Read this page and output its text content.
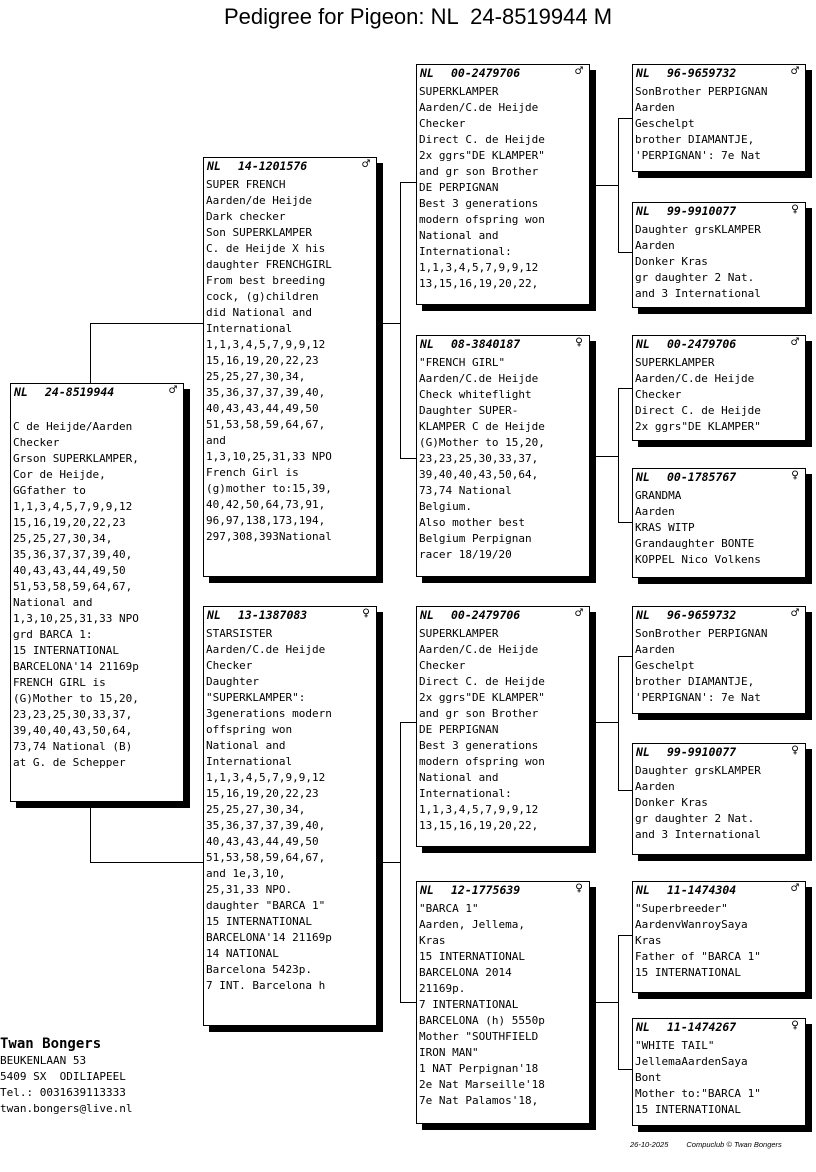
Pedigree for Pigeon: NL  24-8519944 M
NL 24-8519944	♂
C de Heijde/Aarden
Checker
Grson SUPERKLAMPER,
Cor de Heijde,
GGfather to
1,1,3,4,5,7,9,9,12
15,16,19,20,22,23
25,25,27,30,34,
35,36,37,37,39,40,
40,43,43,44,49,50
51,53,58,59,64,67,
National and
1,3,10,25,31,33 NPO
grd BARCA 1:
15 INTERNATIONAL
BARCELONA'14 21169p
FRENCH GIRL is
(G)Mother to 15,20,
23,23,25,30,33,37,
39,40,40,43,50,64,
73,74 National (B)
at G. de Schepper
NL 14-1201576	♂
SUPER FRENCH
Aarden/de Heijde
Dark checker
Son SUPERKLAMPER
C. de Heijde X his
daughter FRENCHGIRL
From best breeding
cock, (g)children
did National and
International
1,1,3,4,5,7,9,9,12
15,16,19,20,22,23
25,25,27,30,34,
35,36,37,37,39,40,
40,43,43,44,49,50
51,53,58,59,64,67,
and
1,3,10,25,31,33 NPO
French Girl is
(g)mother to:15,39,
40,42,50,64,73,91,
96,97,138,173,194,
297,308,393National
NL 13-1387083	♀
STARSISTER
Aarden/C.de Heijde
Checker
Daughter
"SUPERKLAMPER":
3generations modern
offspring won
National and
International
1,1,3,4,5,7,9,9,12
15,16,19,20,22,23
25,25,27,30,34,
35,36,37,37,39,40,
40,43,43,44,49,50
51,53,58,59,64,67,
and 1e,3,10,
25,31,33 NPO.
daughter "BARCA 1"
15 INTERNATIONAL
BARCELONA'14 21169p
14 NATIONAL
Barcelona 5423p.
7 INT. Barcelona h
NL 00-2479706	♂
SUPERKLAMPER
Aarden/C.de Heijde
Checker
Direct C. de Heijde
2x ggrs"DE KLAMPER"
and gr son Brother
DE PERPIGNAN
Best 3 generations
modern ofspring won
National and
International:
1,1,3,4,5,7,9,9,12
13,15,16,19,20,22,
NL 08-3840187	♀
"FRENCH GIRL"
Aarden/C.de Heijde
Check whiteflight
Daughter SUPER-
KLAMPER C de Heijde
(G)Mother to 15,20,
23,23,25,30,33,37,
39,40,40,43,50,64,
73,74 National
Belgium.
Also mother best
Belgium Perpignan
racer 18/19/20
NL 00-2479706	♂
SUPERKLAMPER
Aarden/C.de Heijde
Checker
Direct C. de Heijde
2x ggrs"DE KLAMPER"
and gr son Brother
DE PERPIGNAN
Best 3 generations
modern ofspring won
National and
International:
1,1,3,4,5,7,9,9,12
13,15,16,19,20,22,
NL 12-1775639	♀
"BARCA 1"
Aarden, Jellema,
Kras
15 INTERNATIONAL
BARCELONA 2014
21169p.
7 INTERNATIONAL
BARCELONA (h) 5550p
Mother "SOUTHFIELD
IRON MAN"
1 NAT Perpignan'18
2e Nat Marseille'18
7e Nat Palamos'18,
NL 96-9659732	♂
SonBrother PERPIGNAN
Aarden
Geschelpt
brother DIAMANTJE,
'PERPIGNAN': 7e Nat
NL 99-9910077	♀
Daughter grsKLAMPER
Aarden
Donker Kras
gr daughter 2 Nat.
and 3 International
NL 00-2479706	♂
SUPERKLAMPER
Aarden/C.de Heijde
Checker
Direct C. de Heijde
2x ggrs"DE KLAMPER"
NL 00-1785767	♀
GRANDMA
Aarden
KRAS WITP
Grandaughter BONTE
KOPPEL Nico Volkens
NL 96-9659732	♂
SonBrother PERPIGNAN
Aarden
Geschelpt
brother DIAMANTJE,
'PERPIGNAN': 7e Nat
NL 99-9910077	♀
Daughter grsKLAMPER
Aarden
Donker Kras
gr daughter 2 Nat.
and 3 International
NL 11-1474304	♂
"Superbreeder"
AardenvWanroySaya
Kras
Father of "BARCA 1"
15 INTERNATIONAL
NL 11-1474267	♀
"WHITE TAIL"
JellemaAardenSaya
Bont
Mother to:"BARCA 1"
15 INTERNATIONAL
Twan Bongers
BEUKENLAAN 53
5409 SX  ODILIAPEEL
Tel.: 0031639113333
twan.bongers@live.nl
26-10-2025 Compuclub © Twan Bongers
